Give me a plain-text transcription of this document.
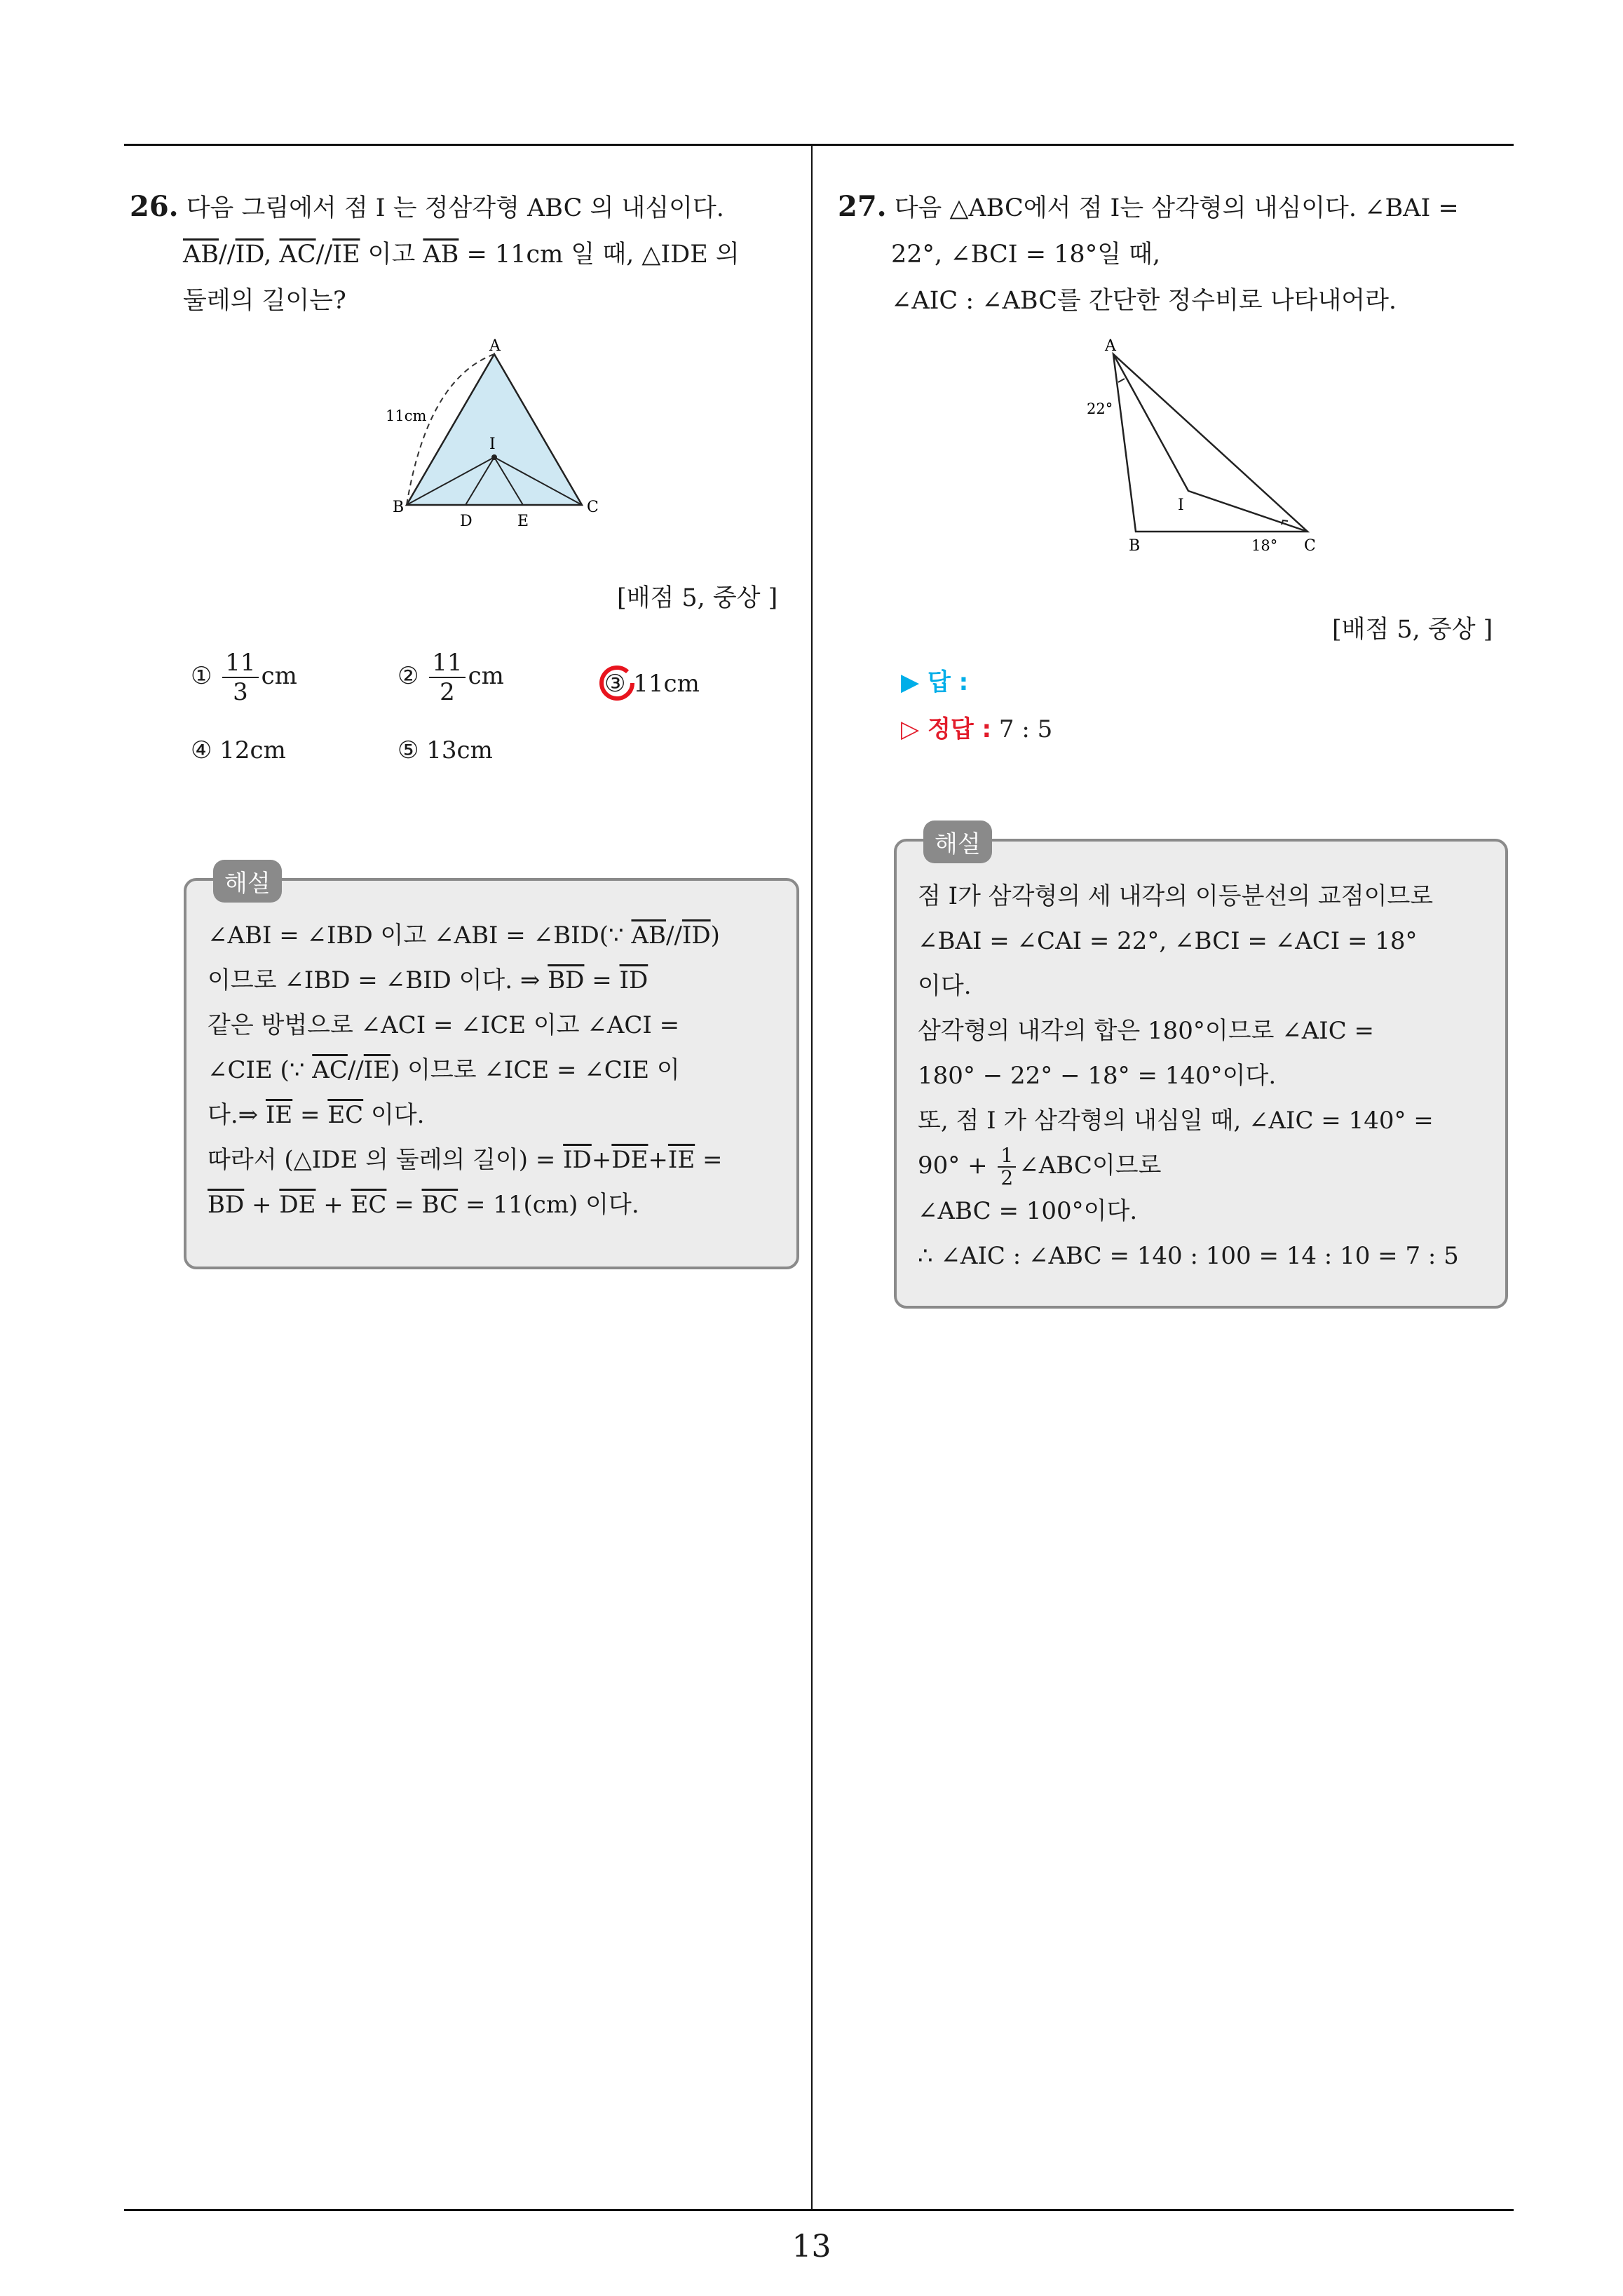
26. 다음 그림에서 점 I 는 정삼각형 ABC 의 내심이다.
$\overline{AB}//\overline{ID}$, $\overline{AC}//\overline{IE}$ 이고 $\overline{AB} = 11cm$ 일 때, △IDE 의
둘레의 길이는?
A
B	C
D	E
I
11cm
[배점 5, 중상 ]
① $\frac{11}{3}$ cm	② $\frac{11}{2}$ cm	③ 11cm
④ 12cm	⑤ 13cm
해설
∠ABI = ∠IBD 이고 ∠ABI = ∠BID(∵ $\overline{AB}//\overline{ID}$)
이므로 ∠IBD = ∠BID 이다. ⇒ $\overline{BD} = \overline{ID}$
같은 방법으로 ∠ACI = ∠ICE 이고 ∠ACI =
∠CIE (∵ $\overline{AC}//\overline{IE}$) 이므로 ∠ICE = ∠CIE 이
다.⇒ $\overline{IE} = \overline{EC}$ 이다.
따라서 (△IDE 의 둘레의 길이) = $\overline{ID}+\overline{DE}+\overline{IE}$ =
$\overline{BD} + \overline{DE} + \overline{EC} = \overline{BC} = 11(cm)$ 이다.
27. 다음 △ABC에서 점 I는 삼각형의 내심이다. ∠BAI =
22°, ∠BCI = 18°일 때,
∠AIC : ∠ABC를 간단한 정수비로 나타내어라.
A
B	C
I
22°
18°
[배점 5, 중상 ]
▶ 답 :
▷ 정답 : 7 : 5
해설
점 I가 삼각형의 세 내각의 이등분선의 교점이므로
∠BAI = ∠CAI = 22°, ∠BCI = ∠ACI = 18°
이다.
삼각형의 내각의 합은 180°이므로 ∠AIC =
180° − 22° − 18° = 140°이다.
또, 점 I 가 삼각형의 내심일 때, ∠AIC = 140° =
$90^\circ + \frac{1}{2}$ ∠ABC이므로
∠ABC = 100°이다.
∴ ∠AIC : ∠ABC = 140 : 100 = 14 : 10 = 7 : 5
13
